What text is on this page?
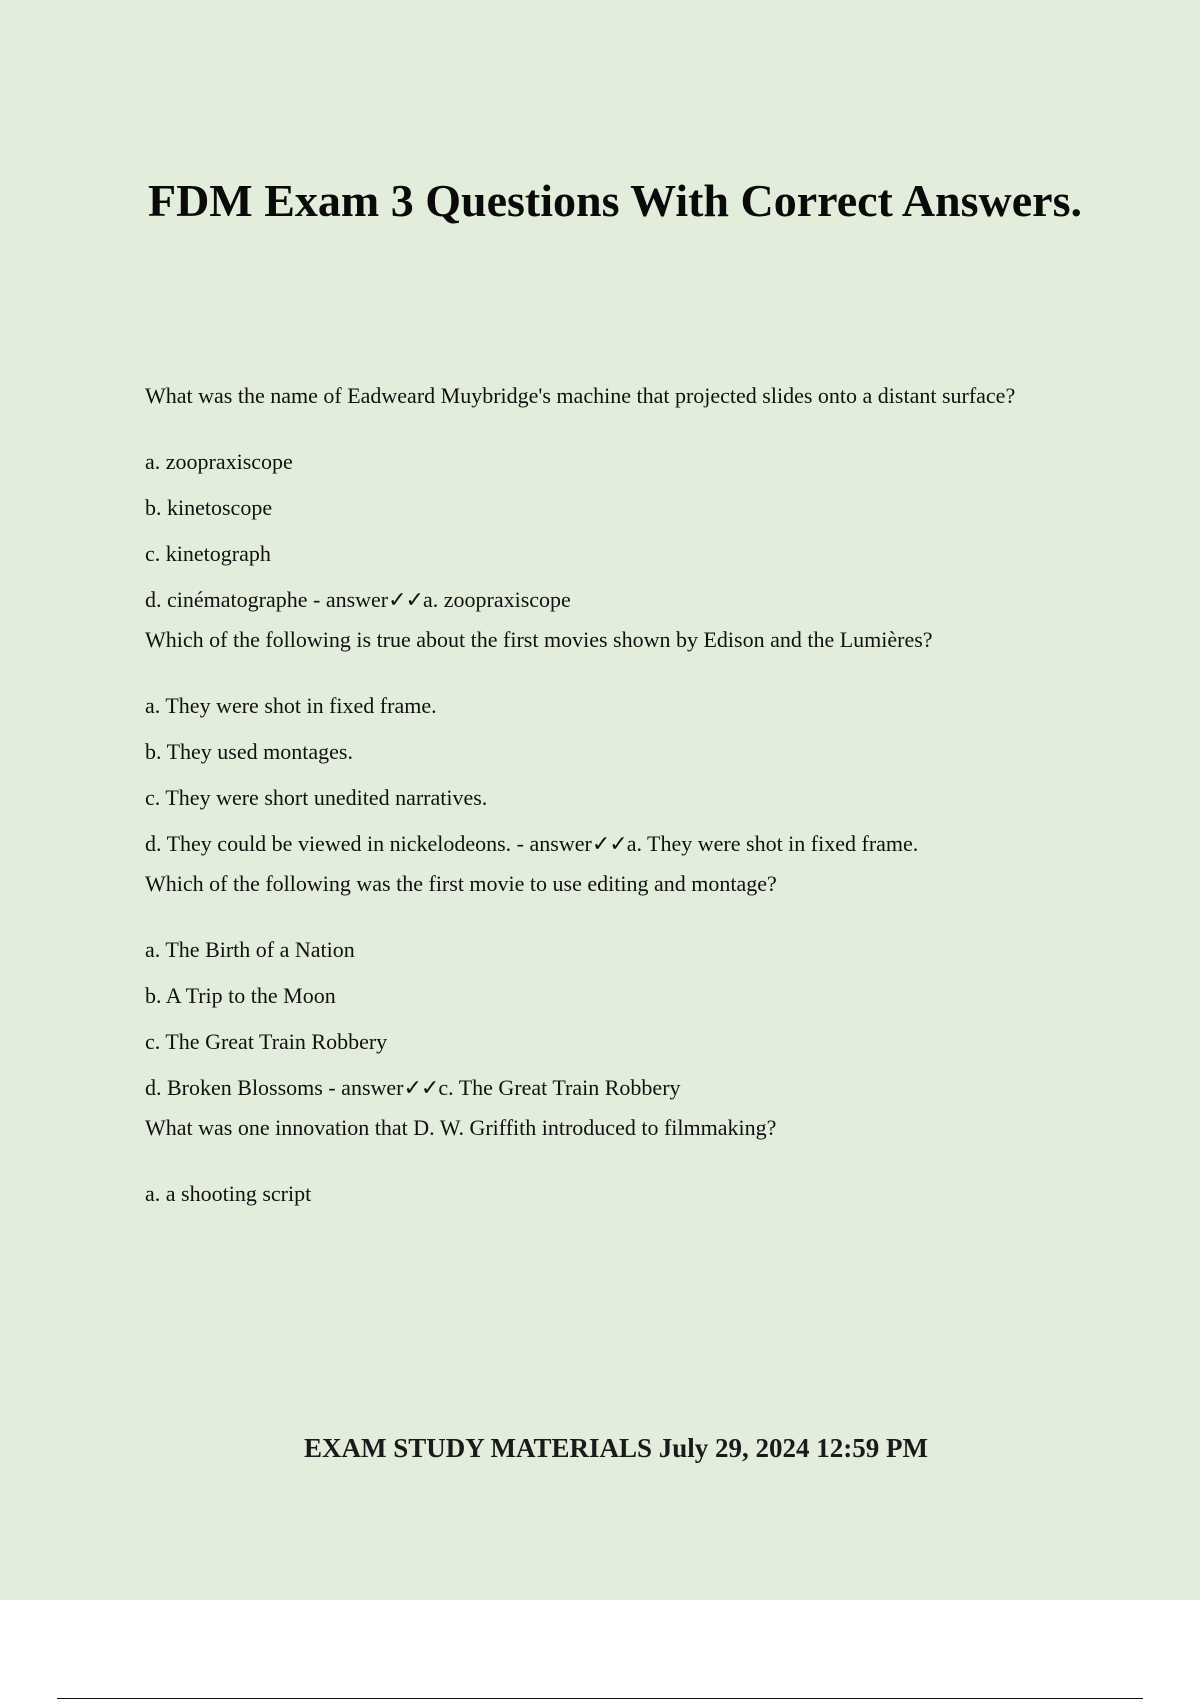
FDM Exam 3 Questions With Correct Answers.

What was the name of Eadweard Muybridge's machine that projected slides onto a distant surface?

a. zoopraxiscope
b. kinetoscope
c. kinetograph
d. cinématographe - answer✓✓a. zoopraxiscope

Which of the following is true about the first movies shown by Edison and the Lumières?

a. They were shot in fixed frame.
b. They used montages.
c. They were short unedited narratives.
d. They could be viewed in nickelodeons. - answer✓✓a. They were shot in fixed frame.

Which of the following was the first movie to use editing and montage?

a. The Birth of a Nation
b. A Trip to the Moon
c. The Great Train Robbery
d. Broken Blossoms - answer✓✓c. The Great Train Robbery

What was one innovation that D. W. Griffith introduced to filmmaking?

a. a shooting script
EXAM STUDY MATERIALS July 29, 2024 12:59 PM
